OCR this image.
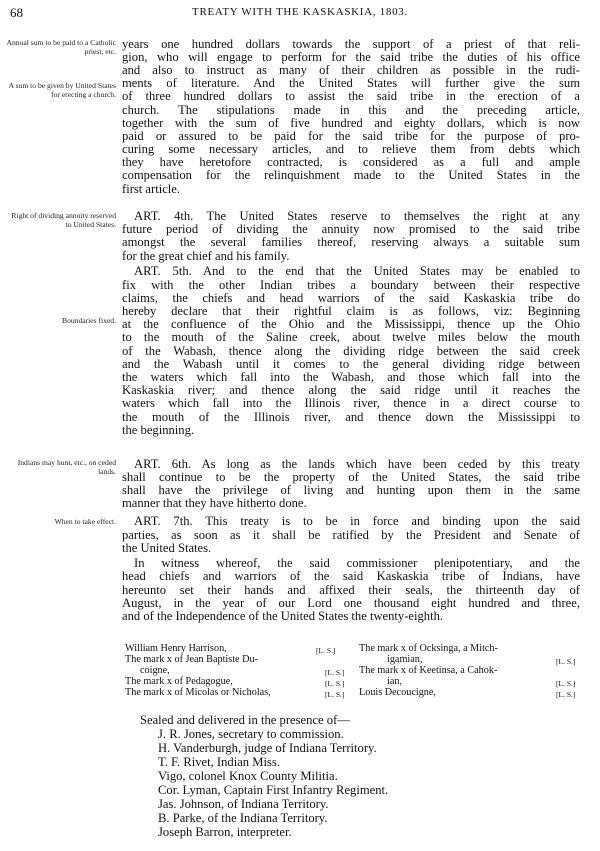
68	TREATY WITH THE KASKASKIA, 1803.
Annual sum to be paid to a Catholic priest, etc.
A sum to be given by United States for erecting a church.
Right of dividing annuity reserved to United States.
Boundaries fixed.
Indians may hunt, etc., on ceded lands.
When to take effect.
years one hundred dollars towards the support of a priest of that reli-
gion, who will engage to perform for the said tribe the duties of his office
and also to instruct as many of their children as possible in the rudi-
ments of literature. And the United States will further give the sum
of three hundred dollars to assist the said tribe in the erection of a
church. The stipulations made in this and the preceding article,
together with the sum of five hundred and eighty dollars, which is now
paid or assured to be paid for the said tribe for the purpose of pro-
curing some necessary articles, and to relieve them from debts which
they have heretofore contracted, is considered as a full and ample
compensation for the relinquishment made to the United States in the
first article.
ART. 4th. The United States reserve to themselves the right at any
future period of dividing the annuity now promised to the said tribe
amongst the several families thereof, reserving always a suitable sum
for the great chief and his family.
ART. 5th. And to the end that the United States may be enabled to
fix with the other Indian tribes a boundary between their respective
claims, the chiefs and head warriors of the said Kaskaskia tribe do
hereby declare that their rightful claim is as follows, viz: Beginning
at the confluence of the Ohio and the Mississippi, thence up the Ohio
to the mouth of the Saline creek, about twelve miles below the mouth
of the Wabash, thence along the dividing ridge between the said creek
and the Wabash until it comes to the general dividing ridge between
the waters which fall into the Wabash, and those which fall into the
Kaskaskia river; and thence along the said ridge until it reaches the
waters which fall into the Illinois river, thence in a direct course to
the mouth of the Illinois river, and thence down the Mississippi to
the beginning.
ART. 6th. As long as the lands which have been ceded by this treaty
shall continue to be the property of the United States, the said tribe
shall have the privilege of living and hunting upon them in the same
manner that they have hitherto done.
ART. 7th. This treaty is to be in force and binding upon the said
parties, as soon as it shall be ratified by the President and Senate of
the United States.
In witness whereof, the said commissioner plenipotentiary, and the
head chiefs and warriors of the said Kaskaskia tribe of Indians, have
hereunto set their hands and affixed their seals, the thirteenth day of
August, in the year of our Lord one thousand eight hundred and three,
and of the Independence of the United States the twenty-eighth.
William Henry Harrison,
The mark x of Jean Baptiste Du-
coigne,
The mark x of Pedagogue,
The mark x of Micolas or Nicholas,
[L. S.]
[L. S.]
[L. S.]
[L. S.]
The mark x of Ocksinga, a Mitch-
igamian,
The mark x of Keetinsa, a Cahok-
ian,
Louis Decoucigne,
[L. S.]
[L. S.]
[L. S.]
Sealed and delivered in the presence of—
J. R. Jones, secretary to commission.
H. Vanderburgh, judge of Indiana Territory.
T. F. Rivet, Indian Miss.
Vigo, colonel Knox County Militia.
Cor. Lyman, Captain First Infantry Regiment.
Jas. Johnson, of Indiana Territory.
B. Parke, of the Indiana Territory.
Joseph Barron, interpreter.
